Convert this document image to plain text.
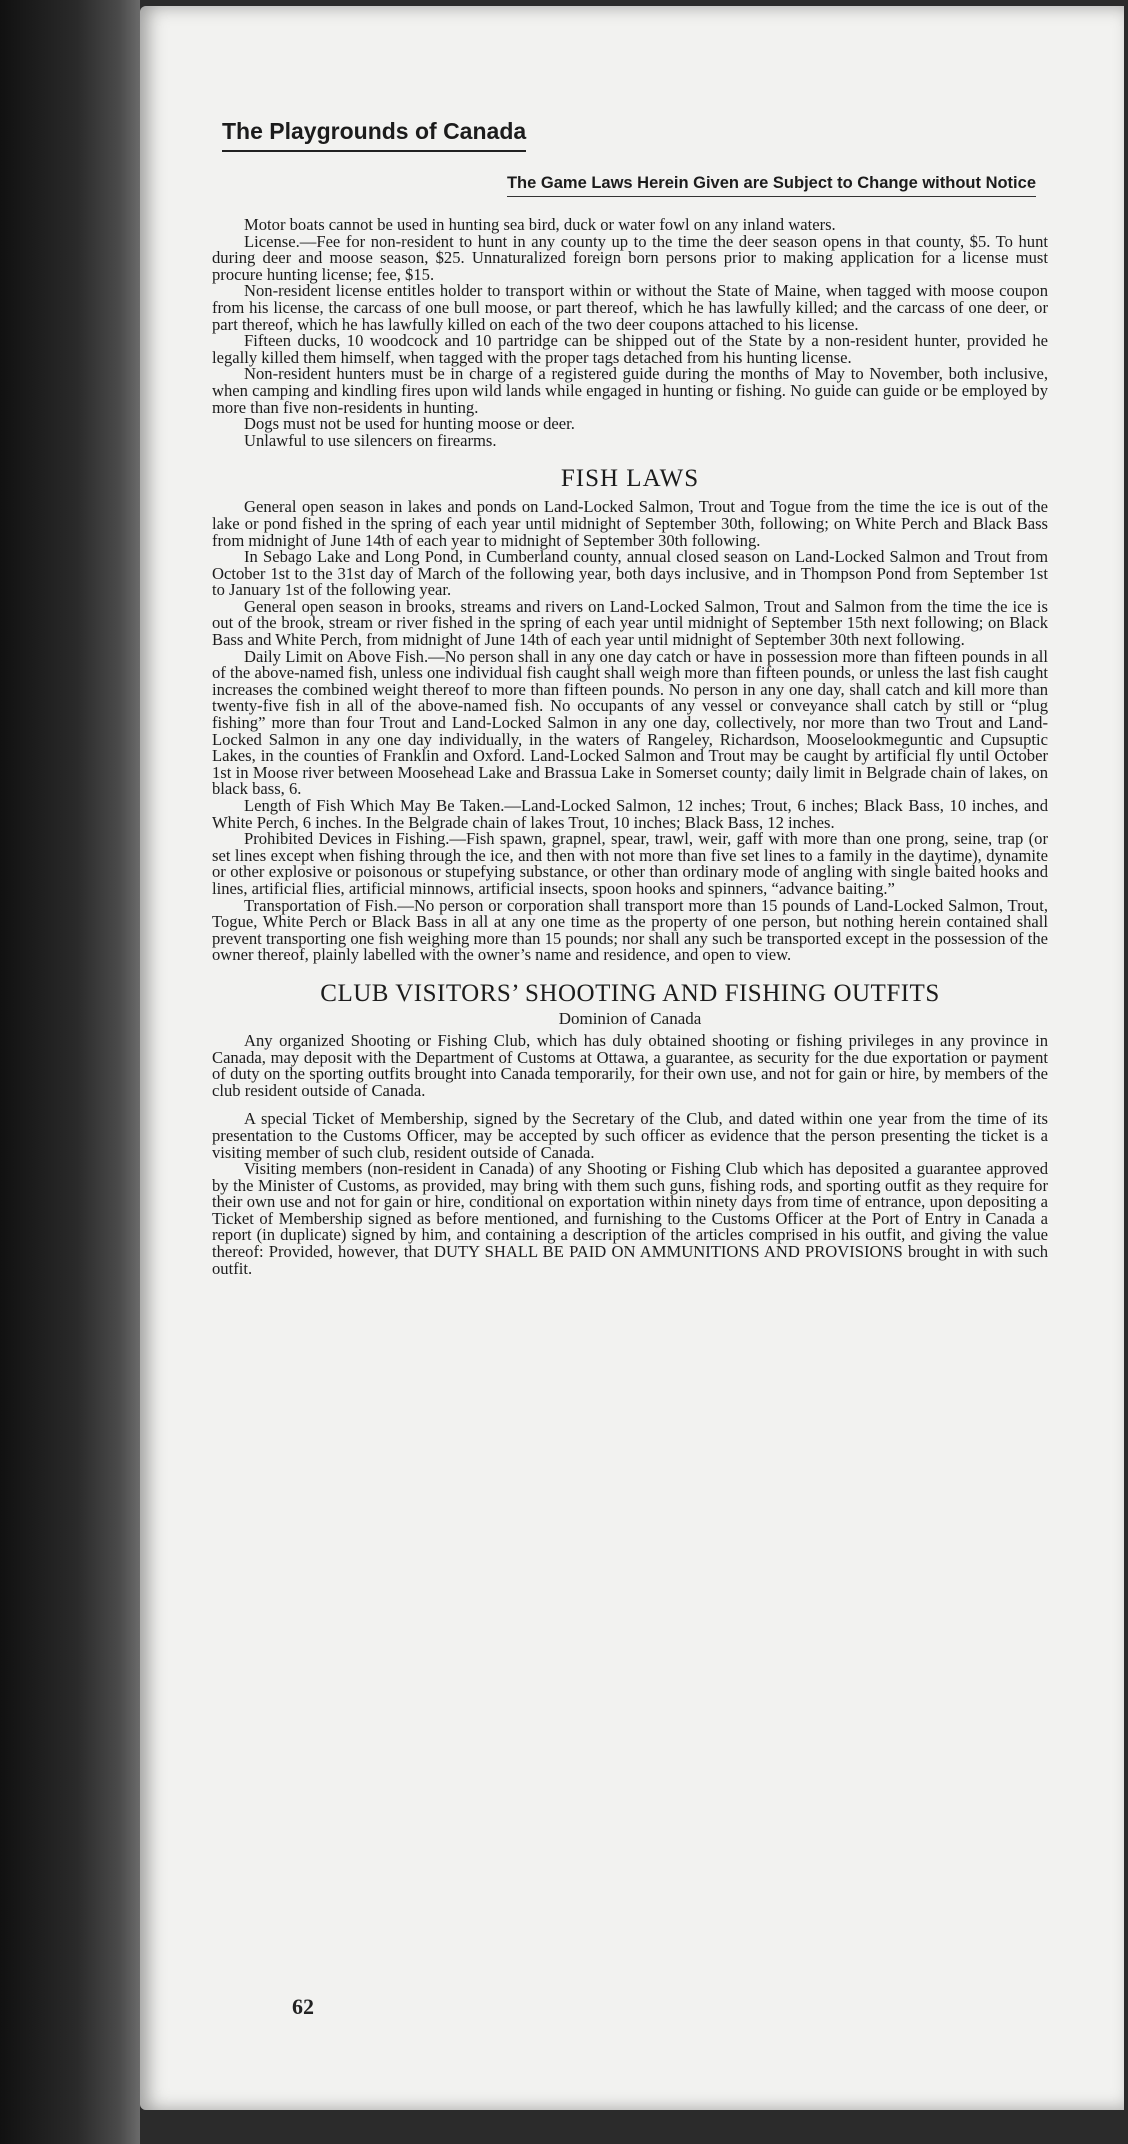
The Playgrounds of Canada
The Game Laws Herein Given are Subject to Change without Notice

Motor boats cannot be used in hunting sea bird, duck or water fowl on any inland waters.

License.—Fee for non-resident to hunt in any county up to the time the deer season opens in that county, $5. To hunt during deer and moose season, $25. Unnaturalized foreign born persons prior to making application for a license must procure hunting license; fee, $15.

Non-resident license entitles holder to transport within or without the State of Maine, when tagged with moose coupon from his license, the carcass of one bull moose, or part thereof, which he has lawfully killed; and the carcass of one deer, or part thereof, which he has lawfully killed on each of the two deer coupons attached to his license.

Fifteen ducks, 10 woodcock and 10 partridge can be shipped out of the State by a non-resident hunter, provided he legally killed them himself, when tagged with the proper tags detached from his hunting license.

Non-resident hunters must be in charge of a registered guide during the months of May to November, both inclusive, when camping and kindling fires upon wild lands while engaged in hunting or fishing. No guide can guide or be employed by more than five non-residents in hunting.

Dogs must not be used for hunting moose or deer.

Unlawful to use silencers on firearms.

FISH LAWS

General open season in lakes and ponds on Land-Locked Salmon, Trout and Togue from the time the ice is out of the lake or pond fished in the spring of each year until midnight of September 30th, following; on White Perch and Black Bass from midnight of June 14th of each year to midnight of September 30th following.

In Sebago Lake and Long Pond, in Cumberland county, annual closed season on Land-Locked Salmon and Trout from October 1st to the 31st day of March of the following year, both days inclusive, and in Thompson Pond from September 1st to January 1st of the following year.

General open season in brooks, streams and rivers on Land-Locked Salmon, Trout and Salmon from the time the ice is out of the brook, stream or river fished in the spring of each year until midnight of September 15th next following; on Black Bass and White Perch, from midnight of June 14th of each year until midnight of September 30th next following.

Daily Limit on Above Fish.—No person shall in any one day catch or have in possession more than fifteen pounds in all of the above-named fish, unless one individual fish caught shall weigh more than fifteen pounds, or unless the last fish caught increases the combined weight thereof to more than fifteen pounds. No person in any one day, shall catch and kill more than twenty-five fish in all of the above-named fish. No occupants of any vessel or conveyance shall catch by still or “plug fishing” more than four Trout and Land-Locked Salmon in any one day, collectively, nor more than two Trout and Land-Locked Salmon in any one day individually, in the waters of Rangeley, Richardson, Mooselookmeguntic and Cupsuptic Lakes, in the counties of Franklin and Oxford. Land-Locked Salmon and Trout may be caught by artificial fly until October 1st in Moose river between Moosehead Lake and Brassua Lake in Somerset county; daily limit in Belgrade chain of lakes, on black bass, 6.

Length of Fish Which May Be Taken.—Land-Locked Salmon, 12 inches; Trout, 6 inches; Black Bass, 10 inches, and White Perch, 6 inches. In the Belgrade chain of lakes Trout, 10 inches; Black Bass, 12 inches.

Prohibited Devices in Fishing.—Fish spawn, grapnel, spear, trawl, weir, gaff with more than one prong, seine, trap (or set lines except when fishing through the ice, and then with not more than five set lines to a family in the daytime), dynamite or other explosive or poisonous or stupefying substance, or other than ordinary mode of angling with single baited hooks and lines, artificial flies, artificial minnows, artificial insects, spoon hooks and spinners, “advance baiting.”

Transportation of Fish.—No person or corporation shall transport more than 15 pounds of Land-Locked Salmon, Trout, Togue, White Perch or Black Bass in all at any one time as the property of one person, but nothing herein contained shall prevent transporting one fish weighing more than 15 pounds; nor shall any such be transported except in the possession of the owner thereof, plainly labelled with the owner’s name and residence, and open to view.

CLUB VISITORS’ SHOOTING AND FISHING OUTFITS
Dominion of Canada

Any organized Shooting or Fishing Club, which has duly obtained shooting or fishing privileges in any province in Canada, may deposit with the Department of Customs at Ottawa, a guarantee, as security for the due exportation or payment of duty on the sporting outfits brought into Canada temporarily, for their own use, and not for gain or hire, by members of the club resident outside of Canada.

A special Ticket of Membership, signed by the Secretary of the Club, and dated within one year from the time of its presentation to the Customs Officer, may be accepted by such officer as evidence that the person presenting the ticket is a visiting member of such club, resident outside of Canada.

Visiting members (non-resident in Canada) of any Shooting or Fishing Club which has deposited a guarantee approved by the Minister of Customs, as provided, may bring with them such guns, fishing rods, and sporting outfit as they require for their own use and not for gain or hire, conditional on exportation within ninety days from time of entrance, upon depositing a Ticket of Membership signed as before mentioned, and furnishing to the Customs Officer at the Port of Entry in Canada a report (in duplicate) signed by him, and containing a description of the articles comprised in his outfit, and giving the value thereof: Provided, however, that DUTY SHALL BE PAID ON AMMUNITIONS AND PROVISIONS brought in with such outfit.

62
